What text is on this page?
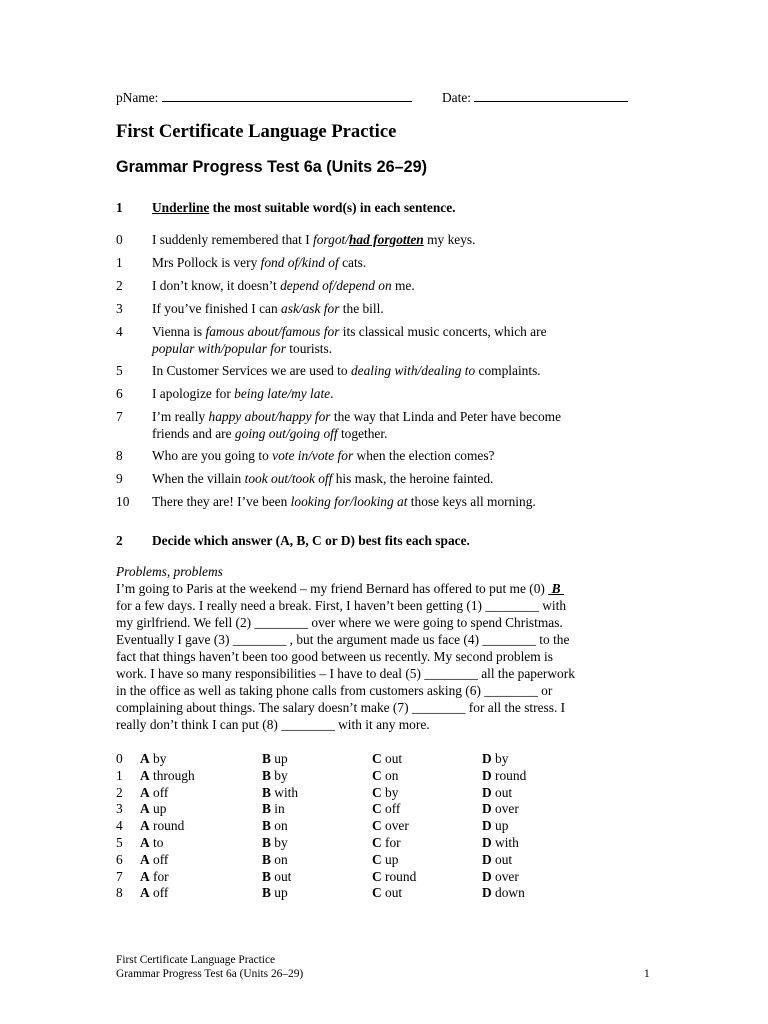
pName:	Date:
First Certificate Language Practice
Grammar Progress Test 6a (Units 26–29)
1 Underline the most suitable word(s) in each sentence.
0	I suddenly remembered that I forgot/had forgotten my keys.
1	Mrs Pollock is very fond of/kind of cats.
2	I don’t know, it doesn’t depend of/depend on me.
3	If you’ve finished I can ask/ask for the bill.
4	Vienna is famous about/famous for its classical music concerts, which are
popular with/popular for tourists.
5	In Customer Services we are used to dealing with/dealing to complaints.
6	I apologize for being late/my late.
7	I’m really happy about/happy for the way that Linda and Peter have become
friends and are going out/going off together.
8	Who are you going to vote in/vote for when the election comes?
9	When the villain took out/took off his mask, the heroine fainted.
10	There they are! I’ve been looking for/looking at those keys all morning.
2 Decide which answer (A, B, C or D) best fits each space.
Problems, problems

I’m going to Paris at the weekend – my friend Bernard has offered to put me (0)  B

for a few days. I really need a break. First, I haven’t been getting (1) ________ with

my girlfriend. We fell (2) ________ over where we were going to spend Christmas.

Eventually I gave (3) ________ , but the argument made us face (4) ________ to the

fact that things haven’t been too good between us recently. My second problem is

work. I have so many responsibilities – I have to deal (5) ________ all the paperwork

in the office as well as taking phone calls from customers asking (6) ________ or

complaining about things. The salary doesn’t make (7) ________ for all the stress. I

really don’t think I can put (8) ________ with it any more.

0 A by	B up	C out	D by
1 A through	B by	C on	D round
2 A off	B with	C by	D out
3 A up	B in	C off	D over
4 A round	B on	C over	D up
5 A to	B by	C for	D with
6 A off	B on	C up	D out
7 A for	B out	C round	D over
8 A off	B up	C out	D down
First Certificate Language Practice
Grammar Progress Test 6a (Units 26–29)	1
